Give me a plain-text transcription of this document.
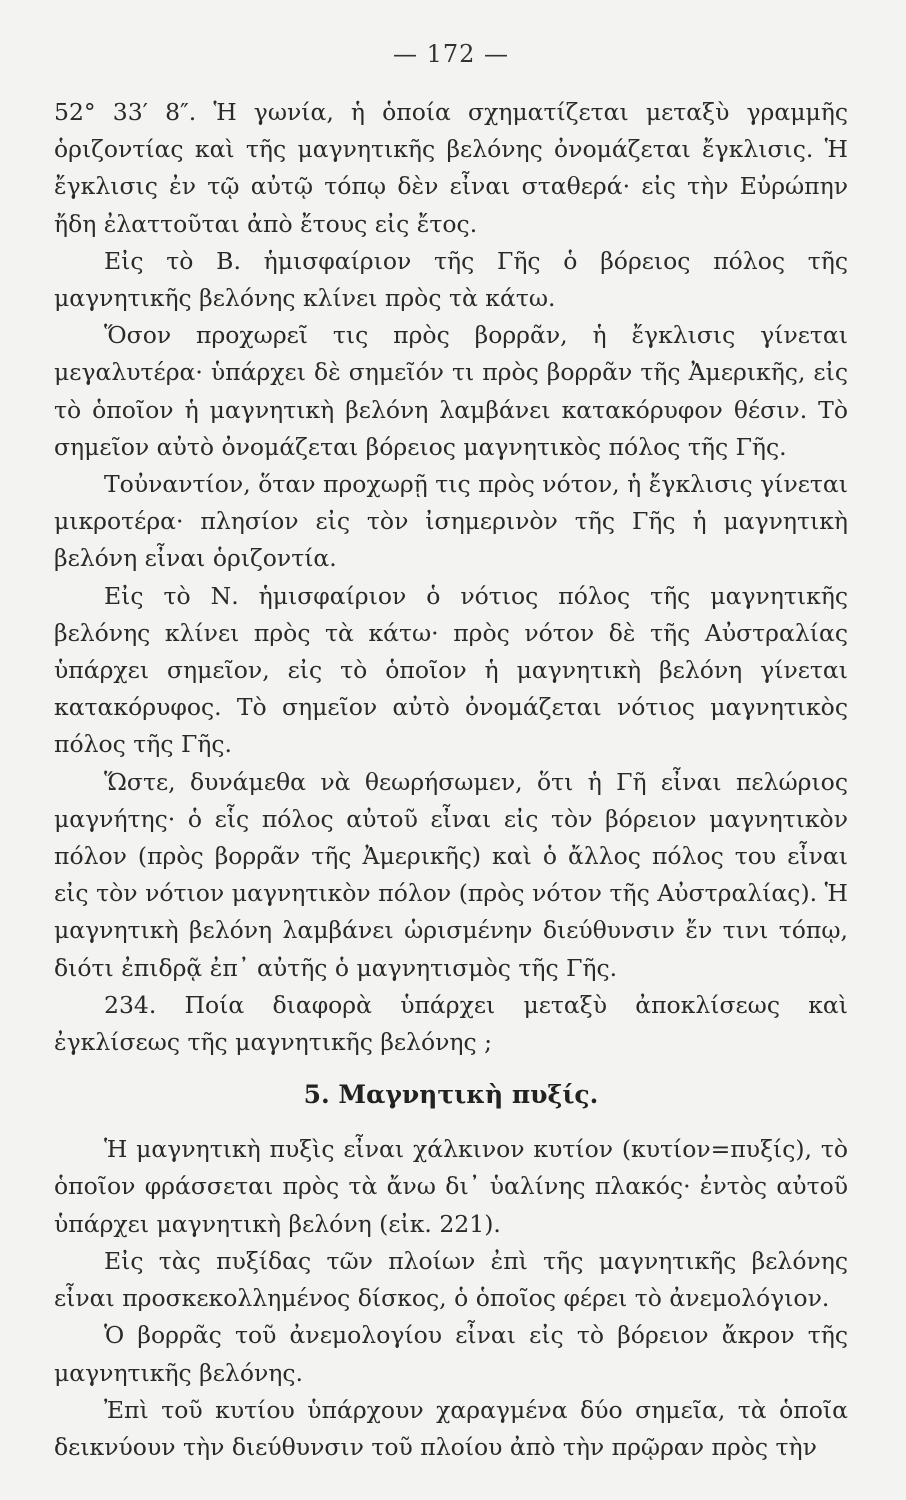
— 172 —

52° 33′ 8″. Ἡ γωνία, ἡ ὁποία σχηματίζεται μεταξὺ γραμμῆς ὁριζοντίας καὶ τῆς μαγνητικῆς βελόνης ὀνομάζεται ἔγκλισις. Ἡ ἔγκλισις ἐν τῷ αὐτῷ τόπῳ δὲν εἶναι σταθερά· εἰς τὴν Εὐρώπην ἤδη ἐλαττοῦται ἀπὸ ἔτους εἰς ἔτος.

Εἰς τὸ Β. ἡμισφαίριον τῆς Γῆς ὁ βόρειος πόλος τῆς μαγνητικῆς βελόνης κλίνει πρὸς τὰ κάτω.

Ὅσον προχωρεῖ τις πρὸς βορρᾶν, ἡ ἔγκλισις γίνεται μεγαλυτέρα· ὑπάρχει δὲ σημεῖόν τι πρὸς βορρᾶν τῆς Ἀμερικῆς, εἰς τὸ ὁποῖον ἡ μαγνητικὴ βελόνη λαμβάνει κατακόρυφον θέσιν. Τὸ σημεῖον αὐτὸ ὀνομάζεται βόρειος μαγνητικὸς πόλος τῆς Γῆς.

Τοὐναντίον, ὅταν προχωρῇ τις πρὸς νότον, ἡ ἔγκλισις γίνεται μικροτέρα· πλησίον εἰς τὸν ἰσημερινὸν τῆς Γῆς ἡ μαγνητικὴ βελόνη εἶναι ὁριζοντία.

Εἰς τὸ Ν. ἡμισφαίριον ὁ νότιος πόλος τῆς μαγνητικῆς βελόνης κλίνει πρὸς τὰ κάτω· πρὸς νότον δὲ τῆς Αὐστραλίας ὑπάρχει σημεῖον, εἰς τὸ ὁποῖον ἡ μαγνητικὴ βελόνη γίνεται κατακόρυφος. Τὸ σημεῖον αὐτὸ ὀνομάζεται νότιος μαγνητικὸς πόλος τῆς Γῆς.

Ὥστε, δυνάμεθα νὰ θεωρήσωμεν, ὅτι ἡ Γῆ εἶναι πελώριος μαγνήτης· ὁ εἷς πόλος αὐτοῦ εἶναι εἰς τὸν βόρειον μαγνητικὸν πόλον (πρὸς βορρᾶν τῆς Ἀμερικῆς) καὶ ὁ ἄλλος πόλος του εἶναι εἰς τὸν νότιον μαγνητικὸν πόλον (πρὸς νότον τῆς Αὐστραλίας). Ἡ μαγνητικὴ βελόνη λαμβάνει ὡρισμένην διεύθυνσιν ἔν τινι τόπῳ, διότι ἐπιδρᾷ ἐπ᾽ αὐτῆς ὁ μαγνητισμὸς τῆς Γῆς.

234. Ποία διαφορὰ ὑπάρχει μεταξὺ ἀποκλίσεως καὶ ἐγκλίσεως τῆς μαγνητικῆς βελόνης ;

5. Μαγνητικὴ πυξίς.

Ἡ μαγνητικὴ πυξὶς εἶναι χάλκινον κυτίον (κυτίον=πυξίς), τὸ ὁποῖον φράσσεται πρὸς τὰ ἄνω δι᾽ ὑαλίνης πλακός· ἐντὸς αὐτοῦ ὑπάρχει μαγνητικὴ βελόνη (εἰκ. 221).

Εἰς τὰς πυξίδας τῶν πλοίων ἐπὶ τῆς μαγνητικῆς βελόνης εἶναι προσκεκολλημένος δίσκος, ὁ ὁποῖος φέρει τὸ ἀνεμολόγιον.

Ὁ βορρᾶς τοῦ ἀνεμολογίου εἶναι εἰς τὸ βόρειον ἄκρον τῆς μαγνητικῆς βελόνης.

Ἐπὶ τοῦ κυτίου ὑπάρχουν χαραγμένα δύο σημεῖα, τὰ ὁποῖα δεικνύουν τὴν διεύθυνσιν τοῦ πλοίου ἀπὸ τὴν πρῷραν πρὸς τὴν
